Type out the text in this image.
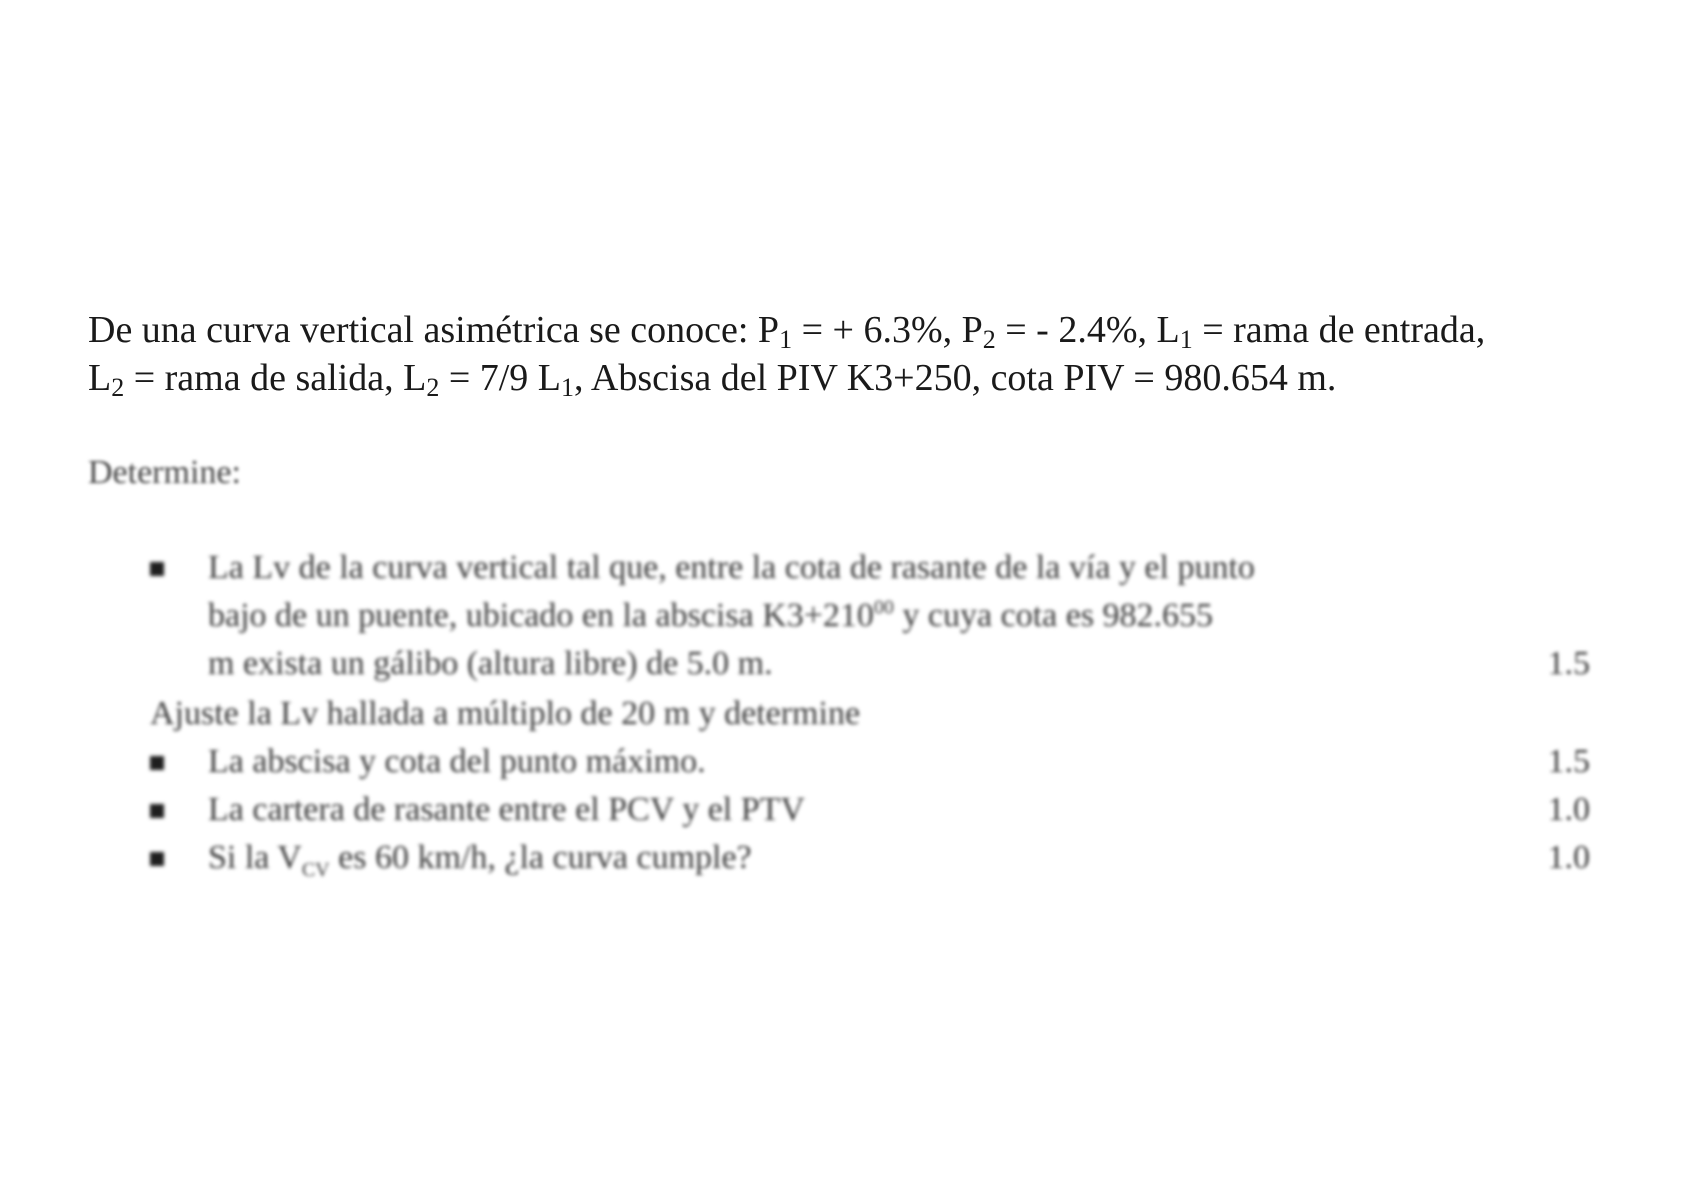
De una curva vertical asimétrica se conoce: $P_1$ = + 6.3%, $P_2$ = - 2.4%, $L_1$ = rama de entrada,
$L_2$ = rama de salida, $L_2 = 7/9$ $L_1$, Abscisa del PIV K3+250, cota PIV = 980.654 m.
Determine:
La Lv de la curva vertical tal que, entre la cota de rasante de la vía y el punto
bajo de un puente, ubicado en la abscisa $K3+210^{00}$ y cuya cota es 982.655
m exista un gálibo (altura libre) de 5.0 m.	1.5
Ajuste la Lv hallada a múltiplo de 20 m y determine
La abscisa y cota del punto máximo.	1.5
La cartera de rasante entre el PCV y el PTV	1.0
Si la $V_{CV}$ es 60 km/h, ¿la curva cumple?	1.0
